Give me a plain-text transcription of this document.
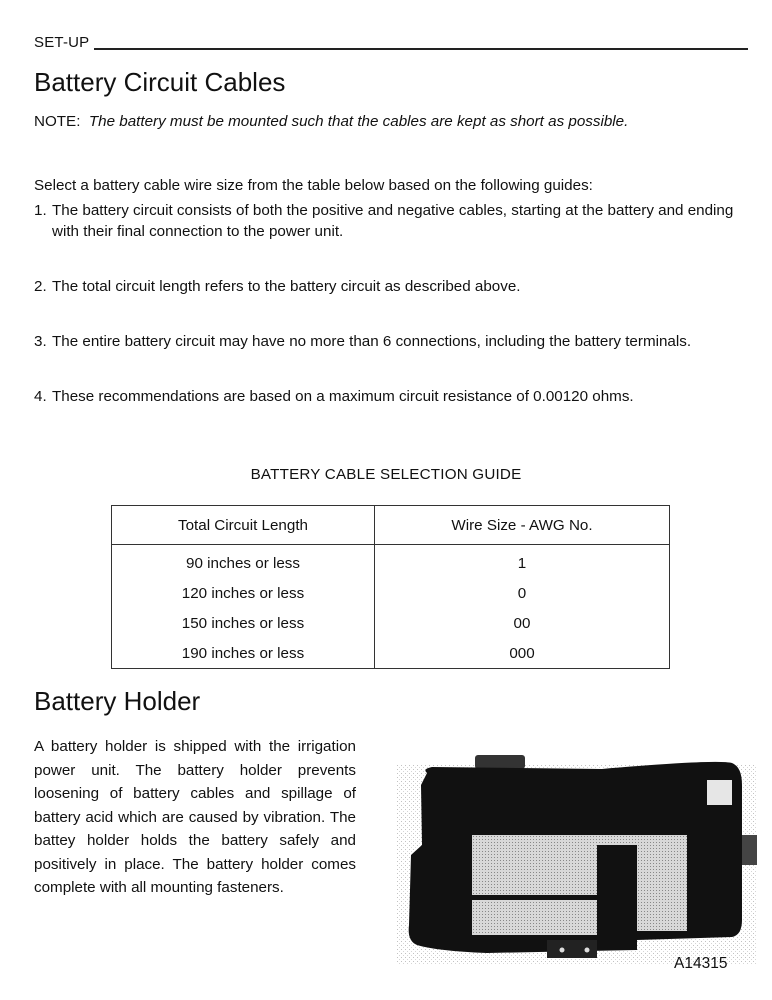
SET-UP
Battery Circuit Cables
NOTE: The battery must be mounted such that the cables are kept as short as possible.
Select a battery cable wire size from the table below based on the following guides:
1. The battery circuit consists of both the positive and negative cables, starting at the battery and ending with their final connection to the power unit.
2. The total circuit length refers to the battery circuit as described above.
3. The entire battery circuit may have no more than 6 connections, including the battery terminals.
4. These recommendations are based on a maximum circuit resistance of 0.00120 ohms.
BATTERY CABLE SELECTION GUIDE
Total Circuit Length	Wire Size - AWG No.
90 inches or less	1
120 inches or less	0
150 inches or less	00
190 inches or less	000
Battery Holder
A battery holder is shipped with the irrigation power unit. The battery holder prevents loosening of battery cables and spillage of battery acid which are caused by vibration. The battey holder holds the battery safely and positively in place. The battery holder comes complete with all mounting fasteners.
A14315
